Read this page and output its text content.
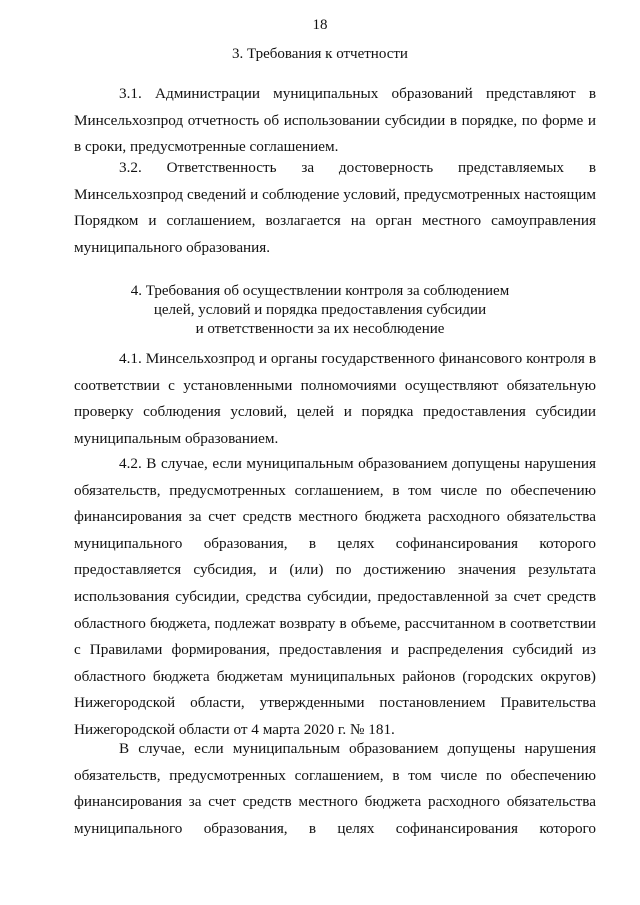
18
3. Требования к отчетности

3.1. Администрации муниципальных образований представляют в Минсельхозпрод отчетность об использовании субсидии в порядке, по форме и в сроки, предусмотренные соглашением.

3.2. Ответственность за достоверность представляемых в Минсельхозпрод сведений и соблюдение условий, предусмотренных настоящим Порядком и соглашением, возлагается на орган местного самоуправления муниципального образования.

4. Требования об осуществлении контроля за соблюдением
целей, условий и порядка предоставления субсидии
и ответственности за их несоблюдение

4.1. Минсельхозпрод и органы государственного финансового контроля в соответствии с установленными полномочиями осуществляют обязательную проверку соблюдения условий, целей и порядка предоставления субсидии муниципальным образованием.

4.2. В случае, если муниципальным образованием допущены нарушения обязательств, предусмотренных соглашением, в том числе по обеспечению финансирования за счет средств местного бюджета расходного обязательства муниципального образования, в целях софинансирования которого предоставляется субсидия, и (или) по достижению значения результата использования субсидии, средства субсидии, предоставленной за счет средств областного бюджета, подлежат возврату в объеме, рассчитанном в соответствии с Правилами формирования, предоставления и распределения субсидий из областного бюджета бюджетам муниципальных районов (городских округов) Нижегородской области, утвержденными постановлением Правительства Нижегородской области от 4 марта 2020 г. № 181.

В случае, если муниципальным образованием допущены нарушения обязательств, предусмотренных соглашением, в том числе по обеспечению финансирования за счет средств местного бюджета расходного обязательства муниципального образования, в целях софинансирования которого
